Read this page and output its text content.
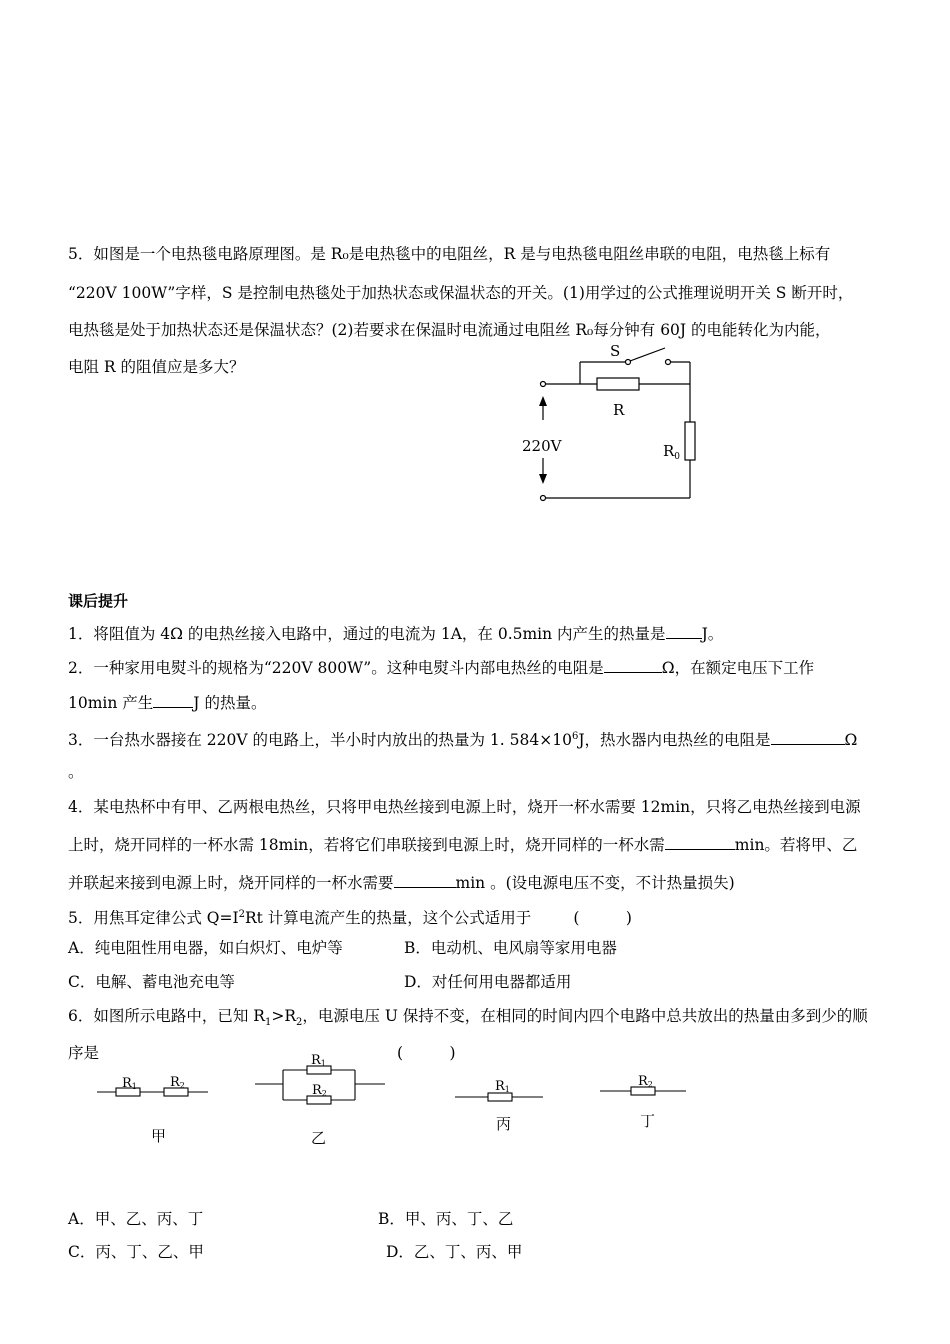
5．如图是一个电热毯电路原理图。是 R₀是电热毯中的电阻丝，R 是与电热毯电阻丝串联的电阻，电热毯上标有
“220V 100W”字样，S 是控制电热毯处于加热状态或保温状态的开关。(1)用学过的公式推理说明开关 S 断开时，
电热毯是处于加热状态还是保温状态？(2)若要求在保温时电流通过电阻丝 R₀每分钟有 60J 的电能转化为内能，
电阻 R 的阻值应是多大？
S
R
$R_0$
220V
课后提升
1．将阻值为 4Ω 的电热丝接入电路中，通过的电流为 1A，在 0.5min 内产生的热量是 J。
2．一种家用电熨斗的规格为“220V 800W”。这种电熨斗内部电热丝的电阻是	Ω，在额定电压下工作
10min 产生	J 的热量。
3．一台热水器接在 220V 的电路上，半小时内放出的热量为 1. $584\times 10^6J$，热水器内电热丝的电阻是	Ω
。
4．某电热杯中有甲、乙两根电热丝，只将甲电热丝接到电源上时，烧开一杯水需要 12min，只将乙电热丝接到电源
上时，烧开同样的一杯水需 18min，若将它们串联接到电源上时，烧开同样的一杯水需	min。若将甲、乙
并联起来接到电源上时，烧开同样的一杯水需要	min 。(设电源电压不变，不计热量损失)
5．用焦耳定律公式 $Q=I^2Rt$ 计算电流产生的热量，这个公式适用于	(　　　)
A．纯电阻性用电器，如白炽灯、电炉等	B．电动机、电风扇等家用电器
C．电解、蓄电池充电等	D．对任何用电器都适用
6．如图所示电路中，已知 $R_1>R_2$，电源电压 U 保持不变，在相同的时间内四个电路中总共放出的热量由多到少的顺
序是	(　　　)
R1	R2
R1
R2	R1
R2
甲	乙
丙	丁
A．甲、乙、丙、丁	B．甲、丙、丁、乙
C．丙、丁、乙、甲	D．乙、丁、丙、甲
